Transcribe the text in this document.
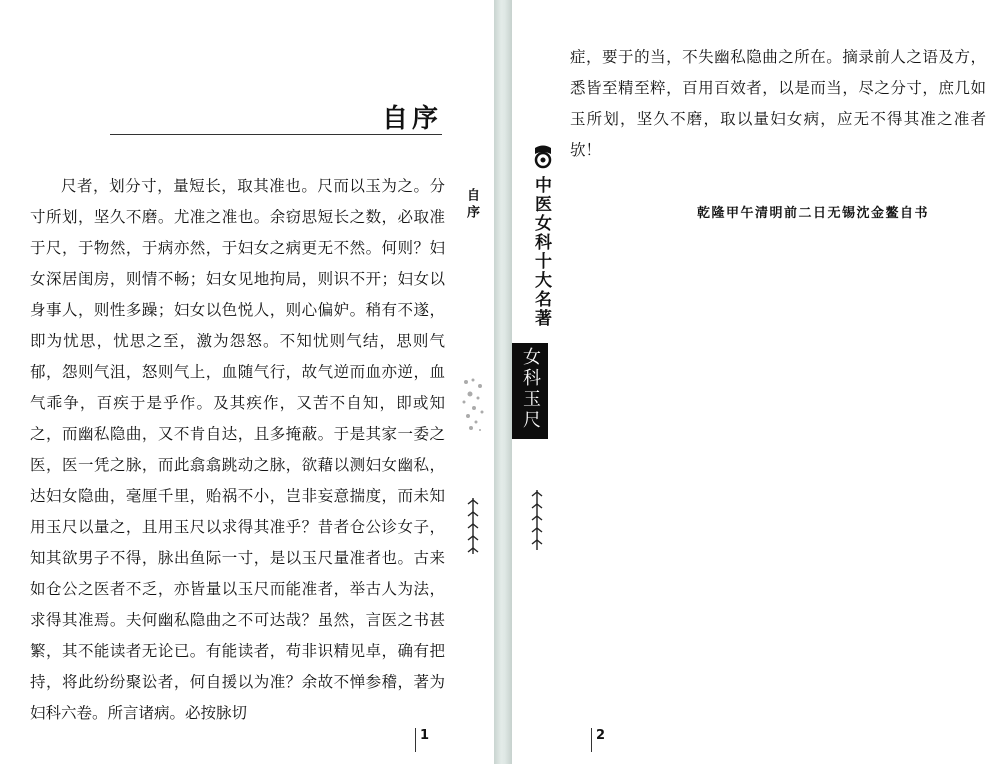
自序

尺者，划分寸，量短长，取其准也。尺而以玉为之。分寸所划，坚久不磨。尤准之准也。余窃思短长之数，必取准于尺，于物然，于病亦然，于妇女之病更无不然。何则？妇女深居闺房，则情不畅；妇女见地拘局，则识不开；妇女以身事人，则性多躁；妇女以色悦人，则心偏妒。稍有不遂，即为忧思，忧思之至，激为怨怒。不知忧则气结，思则气郁，怨则气沮，怒则气上，血随气行，故气逆而血亦逆，血气乖争，百疾于是乎作。及其疾作，又苦不自知，即或知之，而幽私隐曲，又不肯自达，且多掩蔽。于是其家一委之医，医一凭之脉，而此翕翕跳动之脉，欲藉以测妇女幽私，达妇女隐曲，毫厘千里，贻祸不小，岂非妄意揣度，而未知用玉尺以量之，且用玉尺以求得其准乎？昔者仓公诊女子，知其欲男子不得，脉出鱼际一寸，是以玉尺量准者也。古来如仓公之医者不乏，亦皆量以玉尺而能准者，举古人为法，求得其准焉。夫何幽私隐曲之不可达哉？虽然，言医之书甚繁，其不能读者无论已。有能读者，苟非识精见卓，确有把持，将此纷纷聚讼者，何自援以为准？余故不惮参稽，著为妇科六卷。所言诸病。必按脉切

自序
1

症，要于的当，不失幽私隐曲之所在。摘录前人之语及方，悉皆至精至粹，百用百效者，以是而当，尽之分寸，庶几如玉所划，坚久不磨，取以量妇女病，应无不得其准之准者欤！

乾隆甲午清明前二日无锡沈金鳌自书

中医女科十大名著
女科玉尺
2
